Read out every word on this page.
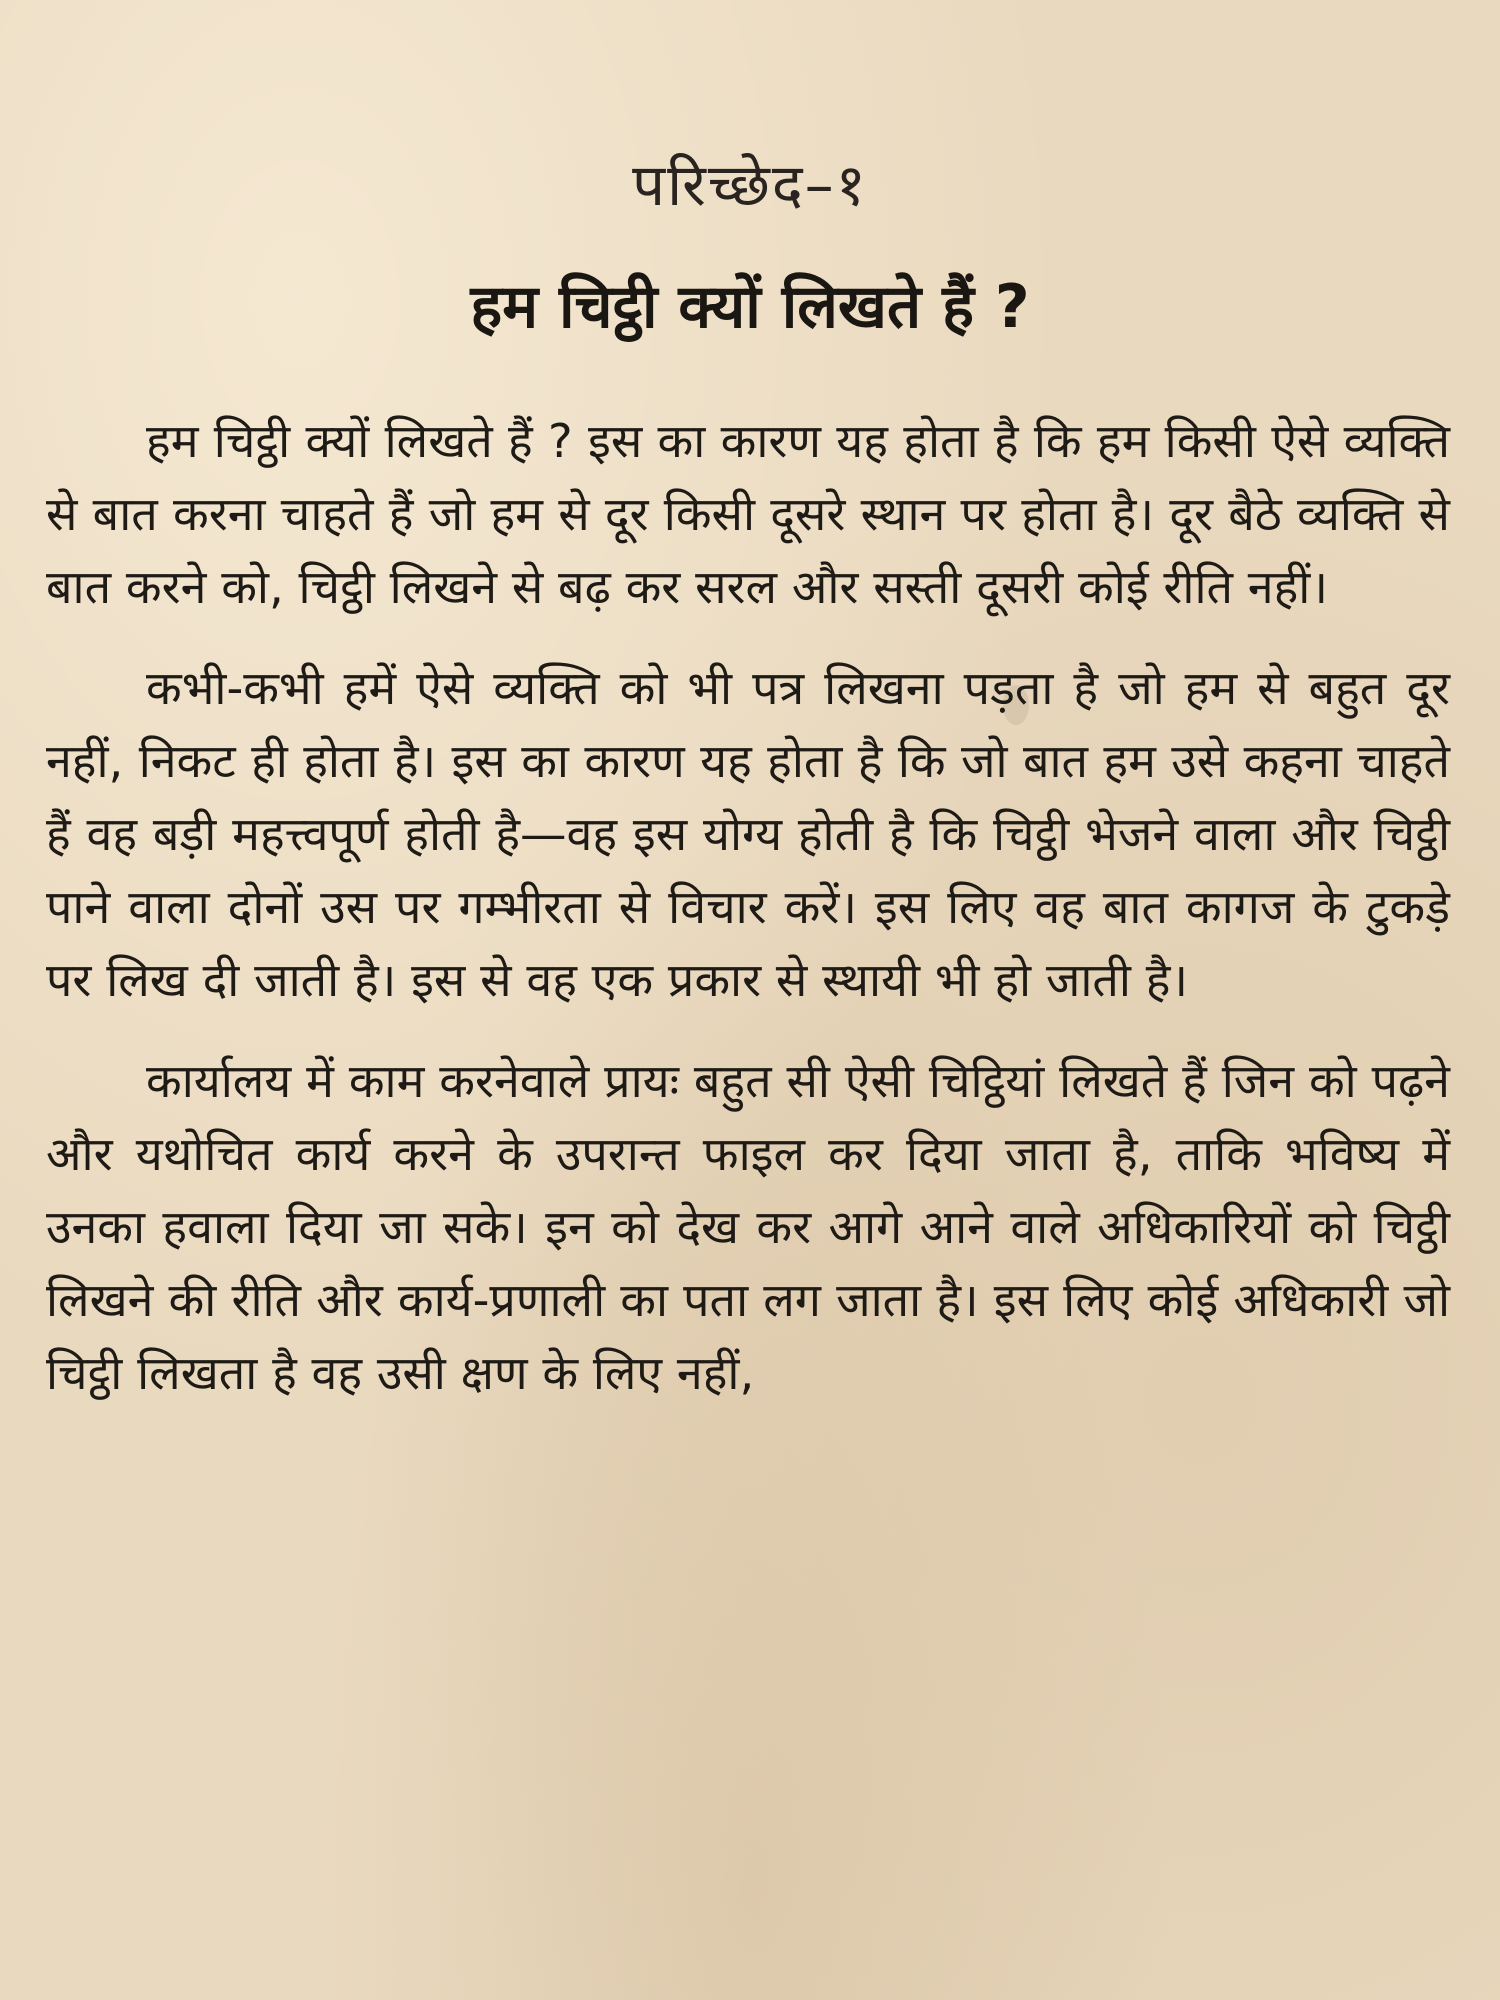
परिच्छेद–१
हम चिट्ठी क्यों लिखते हैं ?

हम चिट्ठी क्यों लिखते हैं ? इस का कारण यह होता है कि हम किसी ऐसे व्यक्ति से बात करना चाहते हैं जो हम से दूर किसी दूसरे स्थान पर होता है। दूर बैठे व्यक्ति से बात करने को, चिट्ठी लिखने से बढ़ कर सरल और सस्ती दूसरी कोई रीति नहीं।

कभी-कभी हमें ऐसे व्यक्ति को भी पत्र लिखना पड़ता है जो हम से बहुत दूर नहीं, निकट ही होता है। इस का कारण यह होता है कि जो बात हम उसे कहना चाहते हैं वह बड़ी महत्त्वपूर्ण होती है—वह इस योग्य होती है कि चिट्ठी भेजने वाला और चिट्ठी पाने वाला दोनों उस पर गम्भीरता से विचार करें। इस लिए वह बात कागज के टुकड़े पर लिख दी जाती है। इस से वह एक प्रकार से स्थायी भी हो जाती है।

कार्यालय में काम करनेवाले प्रायः बहुत सी ऐसी चिट्ठियां लिखते हैं जिन को पढ़ने और यथोचित कार्य करने के उपरान्त फाइल कर दिया जाता है, ताकि भविष्य में उनका हवाला दिया जा सके। इन को देख कर आगे आने वाले अधिकारियों को चिट्ठी लिखने की रीति और कार्य-प्रणाली का पता लग जाता है। इस लिए कोई अधिकारी जो चिट्ठी लिखता है वह उसी क्षण के लिए नहीं,
